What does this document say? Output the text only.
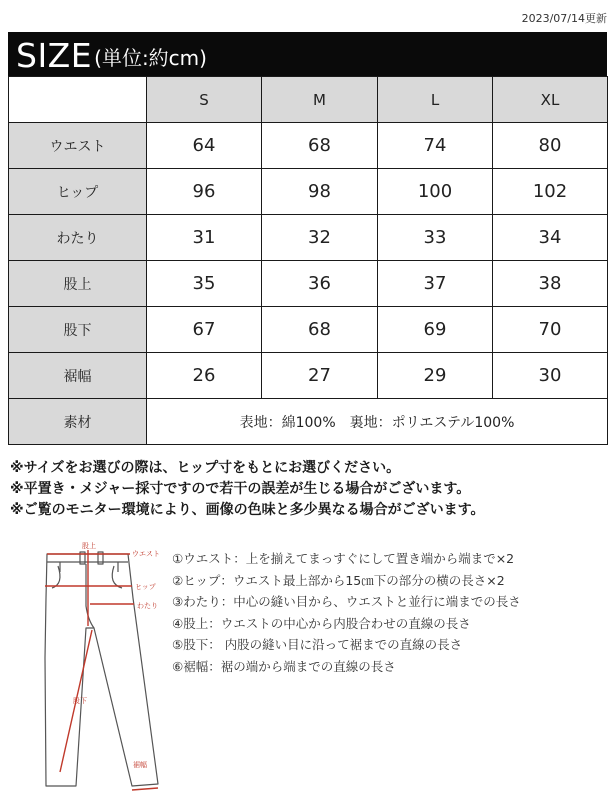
2023/07/14更新
SIZE (単位:約cm)
	S	M	L	XL
ウエスト	64	68	74	80
ヒップ	96	98	100	102
わたり	31	32	33	34
股上	35	36	37	38
股下	67	68	69	70
裾幅	26	27	29	30
素材	表地：綿100%　裏地：ポリエステル100%			
※サイズをお選びの際は、ヒップ寸をもとにお選びください。
※平置き・メジャー採寸ですので若干の誤差が生じる場合がございます。
※ご覧のモニター環境により、画像の色味と多少異なる場合がございます。
股上
ウエスト
ヒップ
わたり
股下
裾幅
①ウエスト：上を揃えてまっすぐにして置き端から端まで×2
②ヒップ：ウエスト最上部から15㎝下の部分の横の長さ×2
③わたり：中心の縫い目から、ウエストと並行に端までの長さ
④股上：ウエストの中心から内股合わせの直線の長さ
⑤股下： 内股の縫い目に沿って裾までの直線の長さ
⑥裾幅：裾の端から端までの直線の長さ
